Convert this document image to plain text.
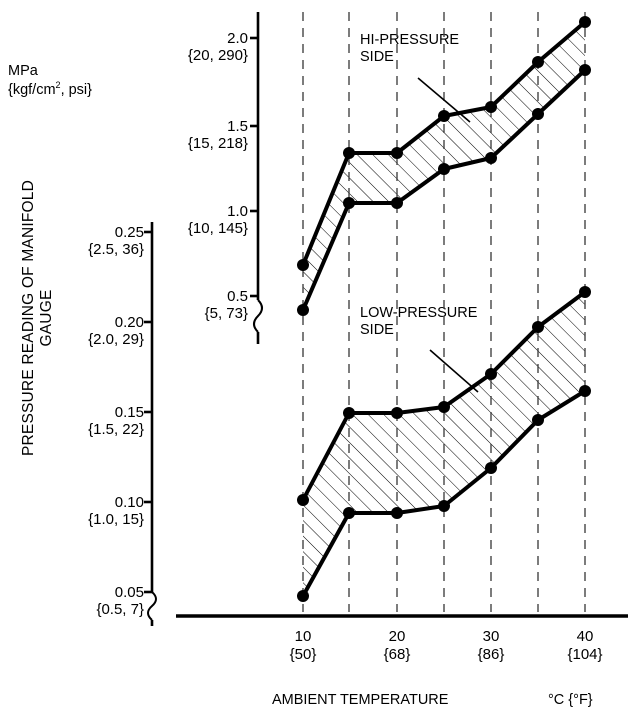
PRESSURE READING OF MANIFOLD GAUGE
MPa
{$kgf/cm^2$, psi}
2.0
{20, 290}
1.5
{15, 218}
1.0
{10, 145}
0.5
{5, 73}
0.25
{2.5, 36}
0.20
{2.0, 29}
0.15
{1.5, 22}
0.10
{1.0, 15}
0.05
{0.5, 7}
10
{50}
20
{68}
30
{86}
40
{104}
HI-PRESSURE
SIDE
LOW-PRESSURE
SIDE
AMBIENT TEMPERATURE	°C {°F}
